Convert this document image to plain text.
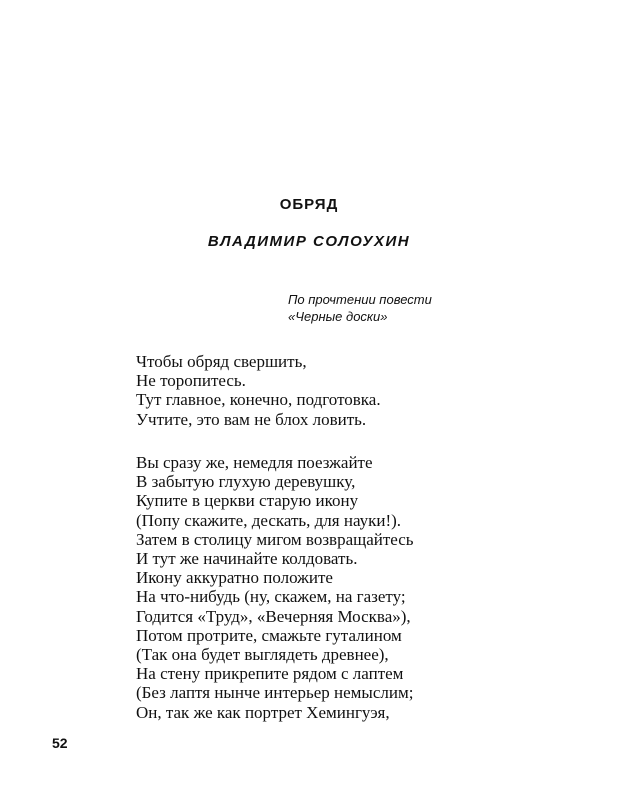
ОБРЯД
ВЛАДИМИР СОЛОУХИН
По прочтении повести
«Черные доски»
Чтобы обряд свершить,
Не торопитесь.
Тут главное, конечно, подготовка.
Учтите, это вам не блох ловить.
Вы сразу же, немедля поезжайте
В забытую глухую деревушку,
Купите в церкви старую икону
(Попу скажите, дескать, для науки!).
Затем в столицу мигом возвращайтесь
И тут же начинайте колдовать.
Икону аккуратно положите
На что-нибудь (ну, скажем, на газету;
Годится «Труд», «Вечерняя Москва»),
Потом протрите, смажьте гуталином
(Так она будет выглядеть древнее),
На стену прикрепите рядом с лаптем
(Без лаптя нынче интерьер немыслим;
Он, так же как портрет Хемингуэя,
52
